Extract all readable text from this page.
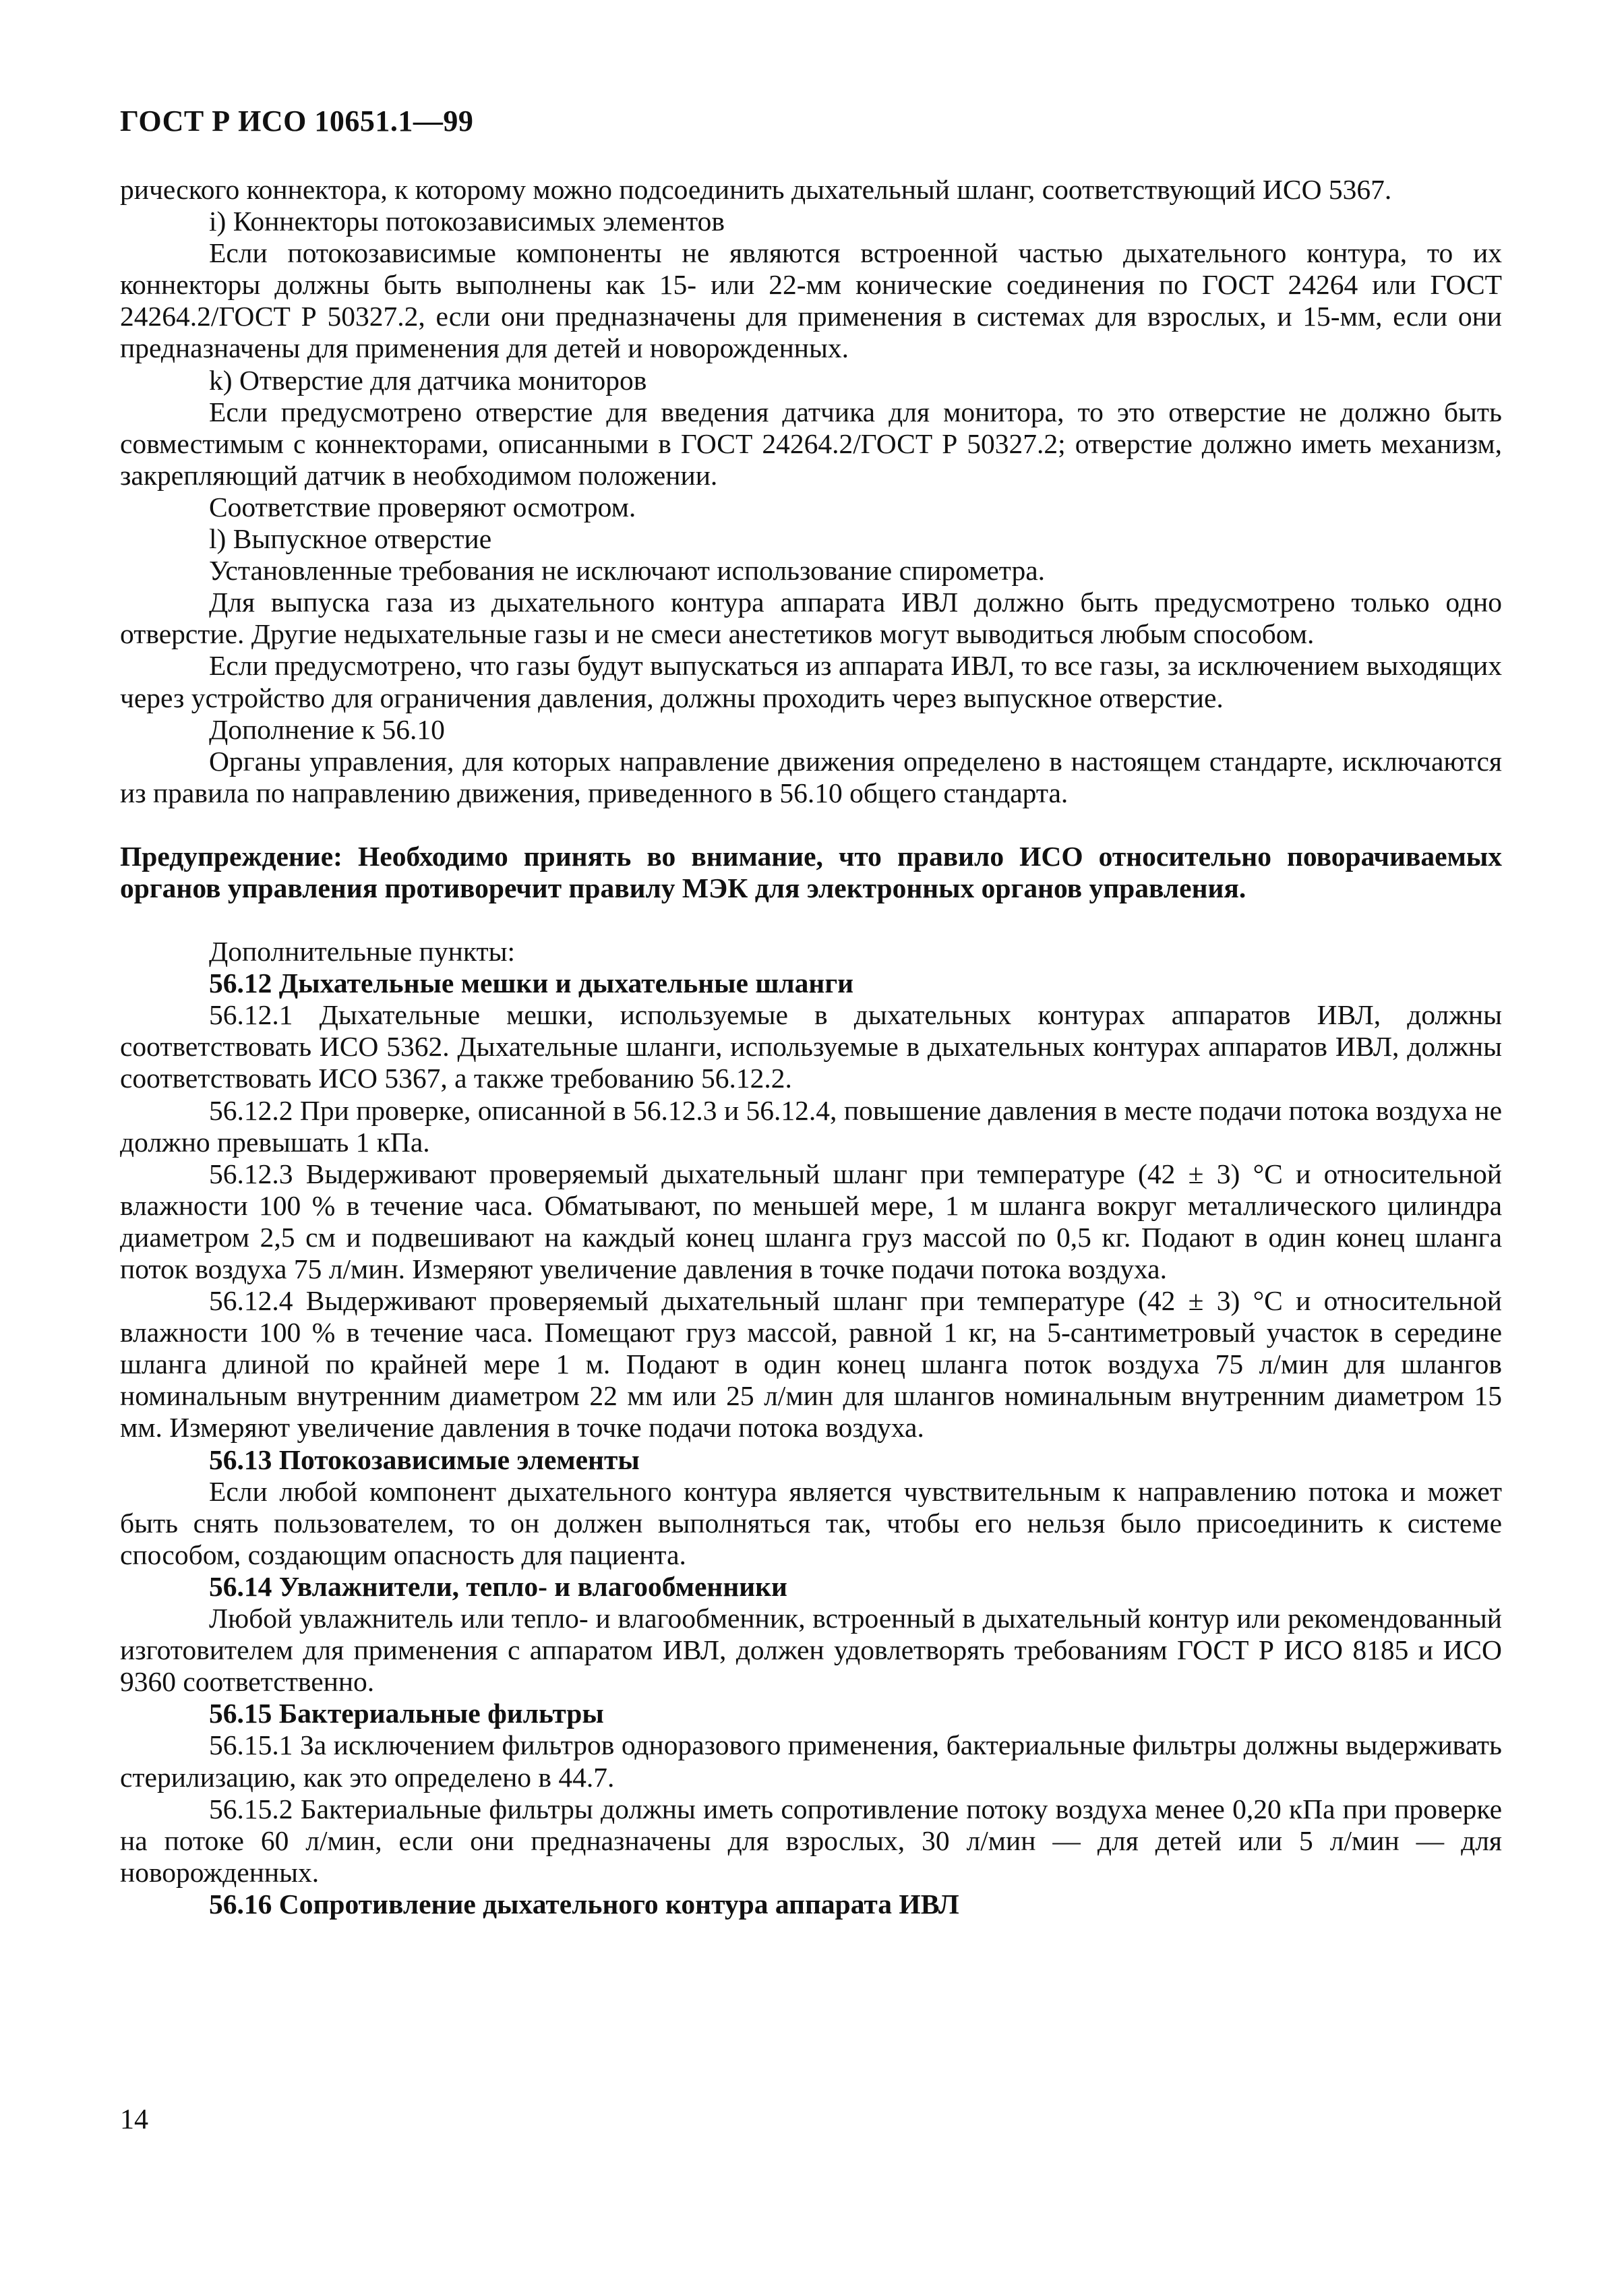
ГОСТ Р ИСО 10651.1—99

рического коннектора, к которому можно подсоединить дыхательный шланг, соответствующий ИСО 5367.

i) Коннекторы потокозависимых элементов

Если потокозависимые компоненты не являются встроенной частью дыхательного контура, то их коннекторы должны быть выполнены как 15- или 22-мм конические соединения по ГОСТ 24264 или ГОСТ 24264.2/ГОСТ Р 50327.2, если они предназначены для применения в системах для взрослых, и 15-мм, если они предназначены для применения для детей и новорожденных.

k) Отверстие для датчика мониторов

Если предусмотрено отверстие для введения датчика для монитора, то это отверстие не должно быть совместимым с коннекторами, описанными в ГОСТ 24264.2/ГОСТ Р 50327.2; отверстие должно иметь механизм, закрепляющий датчик в необходимом положении.

Соответствие проверяют осмотром.

l) Выпускное отверстие

Установленные требования не исключают использование спирометра.

Для выпуска газа из дыхательного контура аппарата ИВЛ должно быть предусмотрено только одно отверстие. Другие недыхательные газы и не смеси анестетиков могут выводиться любым способом.

Если предусмотрено, что газы будут выпускаться из аппарата ИВЛ, то все газы, за исключением выходящих через устройство для ограничения давления, должны проходить через выпускное отверстие.

Дополнение к 56.10

Органы управления, для которых направление движения определено в настоящем стандарте, исключаются из правила по направлению движения, приведенного в 56.10 общего стандарта.

Предупреждение: Необходимо принять во внимание, что правило ИСО относительно поворачиваемых органов управления противоречит правилу МЭК для электронных органов управления.

Дополнительные пункты:

56.12 Дыхательные мешки и дыхательные шланги

56.12.1 Дыхательные мешки, используемые в дыхательных контурах аппаратов ИВЛ, должны соответствовать ИСО 5362. Дыхательные шланги, используемые в дыхательных контурах аппаратов ИВЛ, должны соответствовать ИСО 5367, а также требованию 56.12.2.

56.12.2 При проверке, описанной в 56.12.3 и 56.12.4, повышение давления в месте подачи потока воздуха не должно превышать 1 кПа.

56.12.3 Выдерживают проверяемый дыхательный шланг при температуре (42 ± 3) °С и относительной влажности 100 % в течение часа. Обматывают, по меньшей мере, 1 м шланга вокруг металлического цилиндра диаметром 2,5 см и подвешивают на каждый конец шланга груз массой по 0,5 кг. Подают в один конец шланга поток воздуха 75 л/мин. Измеряют увеличение давления в точке подачи потока воздуха.

56.12.4 Выдерживают проверяемый дыхательный шланг при температуре (42 ± 3) °С и относительной влажности 100 % в течение часа. Помещают груз массой, равной 1 кг, на 5-сантиметровый участок в середине шланга длиной по крайней мере 1 м. Подают в один конец шланга поток воздуха 75 л/мин для шлангов номинальным внутренним диаметром 22 мм или 25 л/мин для шлангов номинальным внутренним диаметром 15 мм. Измеряют увеличение давления в точке подачи потока воздуха.

56.13 Потокозависимые элементы

Если любой компонент дыхательного контура является чувствительным к направлению потока и может быть снять пользователем, то он должен выполняться так, чтобы его нельзя было присоединить к системе способом, создающим опасность для пациента.

56.14 Увлажнители, тепло- и влагообменники

Любой увлажнитель или тепло- и влагообменник, встроенный в дыхательный контур или рекомендованный изготовителем для применения с аппаратом ИВЛ, должен удовлетворять требованиям ГОСТ Р ИСО 8185 и ИСО 9360 соответственно.

56.15 Бактериальные фильтры

56.15.1 За исключением фильтров одноразового применения, бактериальные фильтры должны выдерживать стерилизацию, как это определено в 44.7.

56.15.2 Бактериальные фильтры должны иметь сопротивление потоку воздуха менее 0,20 кПа при проверке на потоке 60 л/мин, если они предназначены для взрослых, 30 л/мин — для детей или 5 л/мин — для новорожденных.

56.16 Сопротивление дыхательного контура аппарата ИВЛ

14
